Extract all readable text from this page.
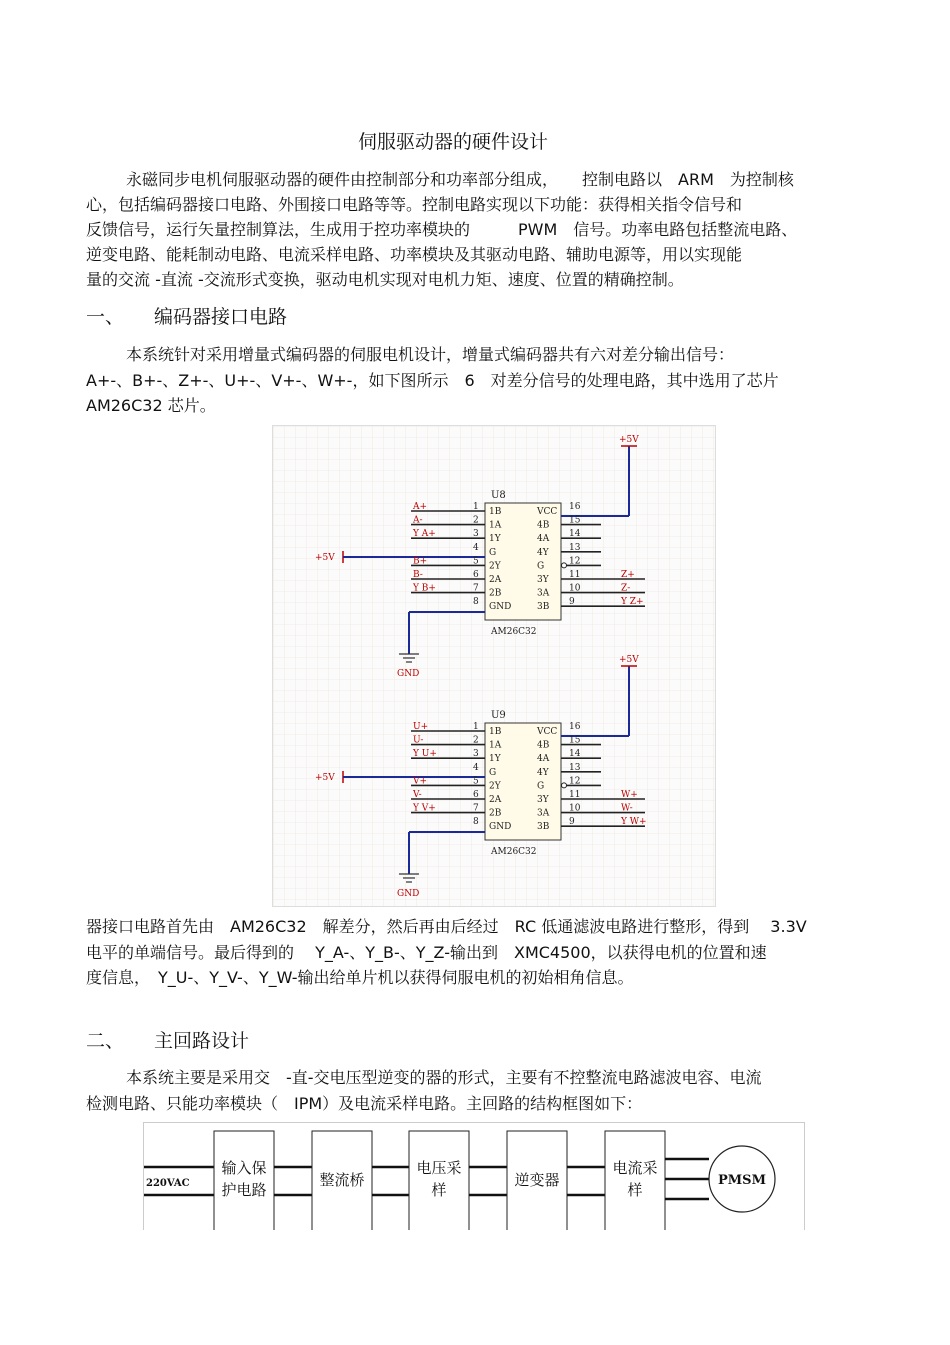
伺服驱动器的硬件设计
永磁同步电机伺服驱动器的硬件由控制部分和功率部分组成，　　控制电路以　ARM　为控制核
心，包括编码器接口电路、外围接口电路等等。控制电路实现以下功能：获得相关指令信号和
反馈信号，运行矢量控制算法，生成用于控功率模块的　　　PWM　信号。功率电路包括整流电路、
逆变电路、能耗制动电路、电流采样电路、功率模块及其驱动电路、辅助电源等，用以实现能
量的交流 -直流 -交流形式变换，驱动电机实现对电机力矩、速度、位置的精确控制。
一、 编码器接口电路
本系统针对采用增量式编码器的伺服电机设计，增量式编码器共有六对差分输出信号：
A+-、B+-、Z+-、U+-、V+-、W+-，如下图所示　6　对差分信号的处理电路，其中选用了芯片
AM26C32 芯片。
U8
AM26C32
+5V
+5V
GND
1 1B
A+
2 1A
A-
3 1Y
Y A+
4 G
5 2Y
B+
6 2A
B-
7 2B
Y B+
8 GND
16
VCC
15
4B
14
4A
13
4Y
12
G
11
3Y	Z+
10
3A	Z-
9
3B	Y Z+
U9
AM26C32
+5V
+5V
GND
1 1B
U+
2 1A
U-
3 1Y
Y U+
4 G
5 2Y
V+
6 2A
V-
7 2B
Y V+
8 GND
16
VCC
15
4B
14
4A
13
4Y
12
G
11
3Y	W+
10
3A	W-
9
3B	Y W+
器接口电路首先由　AM26C32　解差分，然后再由后经过　RC 低通滤波电路进行整形，得到　 3.3V
电平的单端信号。最后得到的　 Y_A-、Y_B-、Y_Z-输出到　XMC4500，以获得电机的位置和速
度信息，　Y_U-、Y_V-、Y_W-输出给单片机以获得伺服电机的初始相角信息。
二、 主回路设计
本系统主要是采用交　-直-交电压型逆变的器的形式，主要有不控整流电路滤波电容、电流
检测电路、只能功率模块（　IPM）及电流采样电路。主回路的结构框图如下：
220VAC
输入保
护电路
整流桥
电压采
样
逆变器
电流采
样
PMSM
